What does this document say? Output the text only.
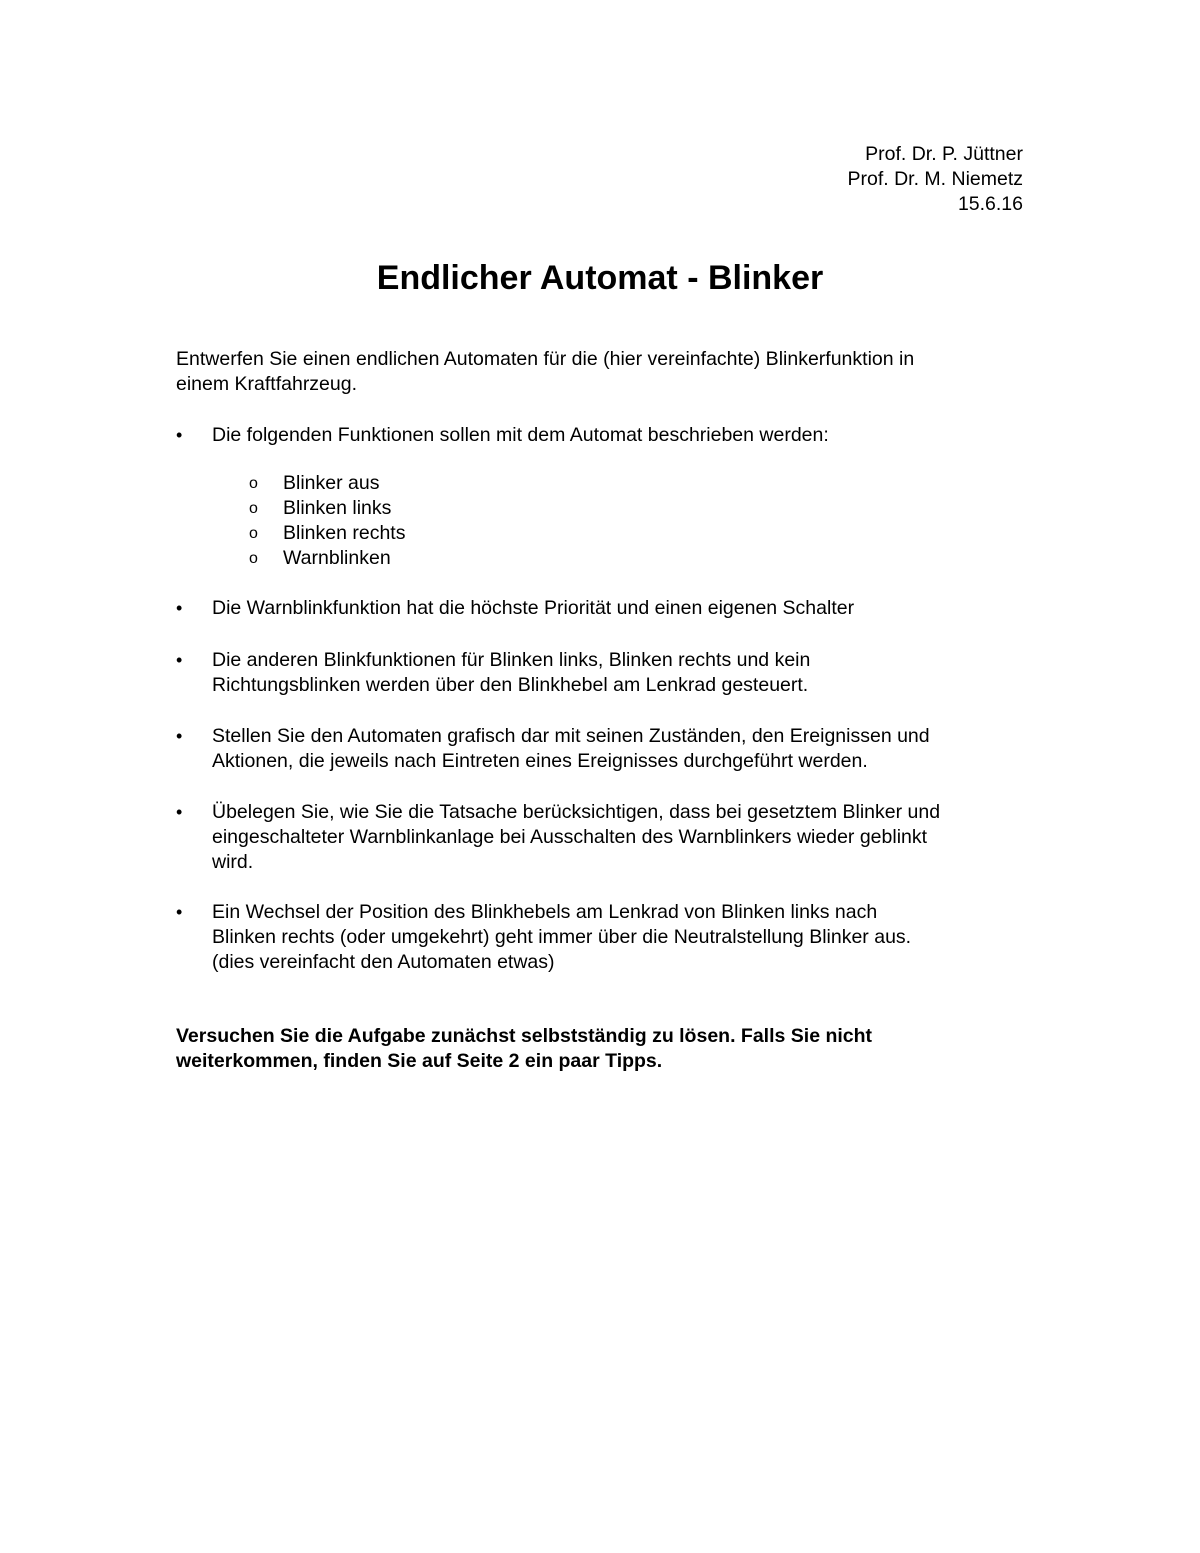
Prof. Dr. P. Jüttner
Prof. Dr. M. Niemetz
15.6.16
Endlicher Automat - Blinker
Entwerfen Sie einen endlichen Automaten für die (hier vereinfachte) Blinkerfunktion in
einem Kraftfahrzeug.
• Die folgenden Funktionen sollen mit dem Automat beschrieben werden:
• Die Warnblinkfunktion hat die höchste Priorität und einen eigenen Schalter
• Die anderen Blinkfunktionen für Blinken links, Blinken rechts und kein
Richtungsblinken werden über den Blinkhebel am Lenkrad gesteuert.
• Stellen Sie den Automaten grafisch dar mit seinen Zuständen, den Ereignissen und
Aktionen, die jeweils nach Eintreten eines Ereignisses durchgeführt werden.
• Übelegen Sie, wie Sie die Tatsache berücksichtigen, dass bei gesetztem Blinker und
eingeschalteter Warnblinkanlage bei Ausschalten des Warnblinkers wieder geblinkt
wird.
• Ein Wechsel der Position des Blinkhebels am Lenkrad von Blinken links nach
Blinken rechts (oder umgekehrt) geht immer über die Neutralstellung Blinker aus.
(dies vereinfacht den Automaten etwas)
o Blinker aus
o Blinken links
o Blinken rechts
o Warnblinken
Versuchen Sie die Aufgabe zunächst selbstständig zu lösen. Falls Sie nicht
weiterkommen, finden Sie auf Seite 2 ein paar Tipps.
